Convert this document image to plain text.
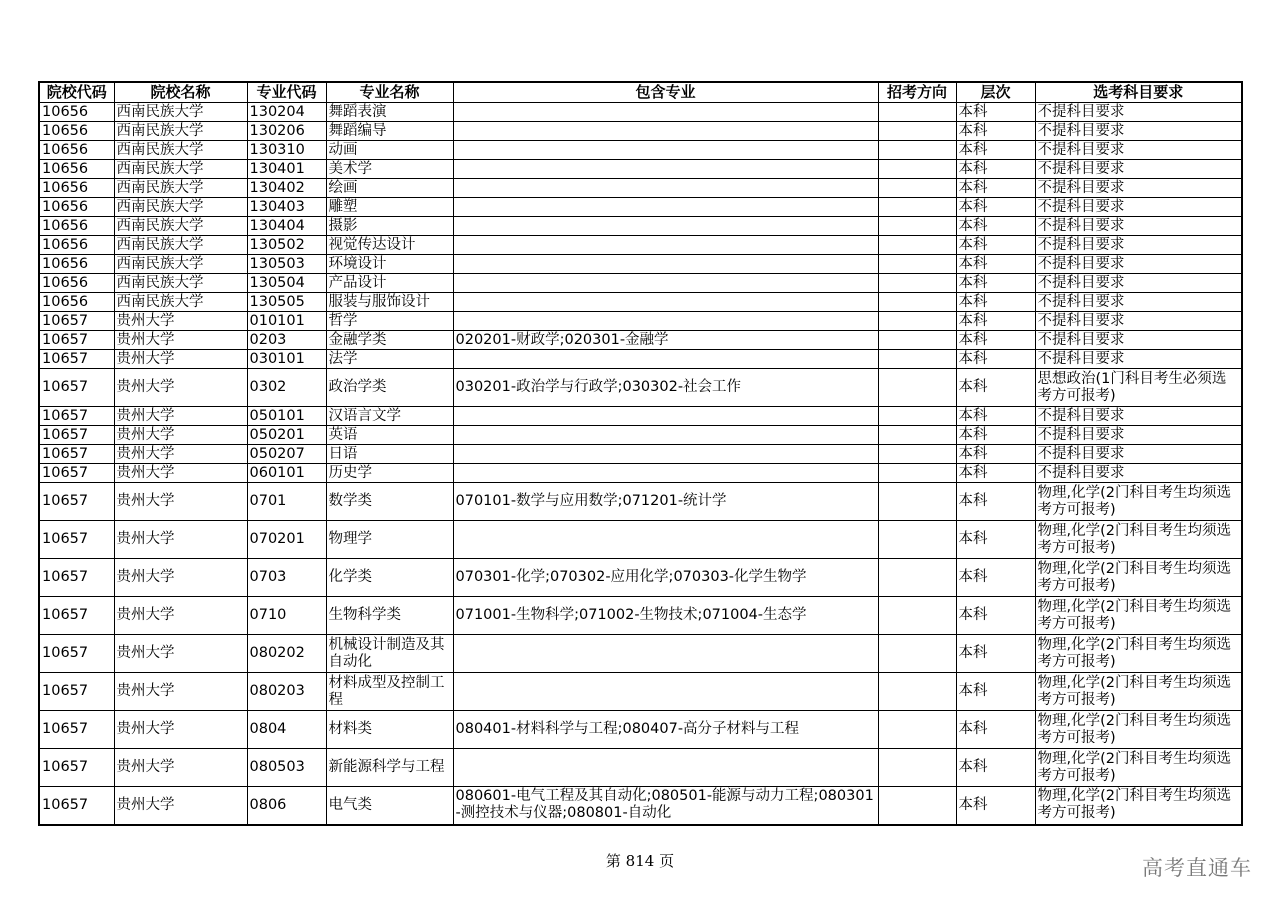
院校代码	院校名称	专业代码	专业名称	包含专业	招考方向	层次	选考科目要求
10656	西南民族大学	130204	舞蹈表演			本科	不提科目要求
10656	西南民族大学	130206	舞蹈编导			本科	不提科目要求
10656	西南民族大学	130310	动画			本科	不提科目要求
10656	西南民族大学	130401	美术学			本科	不提科目要求
10656	西南民族大学	130402	绘画			本科	不提科目要求
10656	西南民族大学	130403	雕塑			本科	不提科目要求
10656	西南民族大学	130404	摄影			本科	不提科目要求
10656	西南民族大学	130502	视觉传达设计			本科	不提科目要求
10656	西南民族大学	130503	环境设计			本科	不提科目要求
10656	西南民族大学	130504	产品设计			本科	不提科目要求
10656	西南民族大学	130505	服装与服饰设计			本科	不提科目要求
10657	贵州大学	010101	哲学			本科	不提科目要求
10657	贵州大学	0203	金融学类	020201-财政学;020301-金融学		本科	不提科目要求
10657	贵州大学	030101	法学			本科	不提科目要求
10657	贵州大学	0302	政治学类	030201-政治学与行政学;030302-社会工作		本科	思想政治(1门科目考生必须选考方可报考)
10657	贵州大学	050101	汉语言文学			本科	不提科目要求
10657	贵州大学	050201	英语			本科	不提科目要求
10657	贵州大学	050207	日语			本科	不提科目要求
10657	贵州大学	060101	历史学			本科	不提科目要求
10657	贵州大学	0701	数学类	070101-数学与应用数学;071201-统计学		本科	物理,化学(2门科目考生均须选考方可报考)
10657	贵州大学	070201	物理学			本科	物理,化学(2门科目考生均须选考方可报考)
10657	贵州大学	0703	化学类	070301-化学;070302-应用化学;070303-化学生物学		本科	物理,化学(2门科目考生均须选考方可报考)
10657	贵州大学	0710	生物科学类	071001-生物科学;071002-生物技术;071004-生态学		本科	物理,化学(2门科目考生均须选考方可报考)
10657	贵州大学	080202	机械设计制造及其自动化			本科	物理,化学(2门科目考生均须选考方可报考)
10657	贵州大学	080203	材料成型及控制工程			本科	物理,化学(2门科目考生均须选考方可报考)
10657	贵州大学	0804	材料类	080401-材料科学与工程;080407-高分子材料与工程		本科	物理,化学(2门科目考生均须选考方可报考)
10657	贵州大学	080503	新能源科学与工程			本科	物理,化学(2门科目考生均须选考方可报考)
10657	贵州大学	0806	电气类	080601-电气工程及其自动化;080501-能源与动力工程;080301-测控技术与仪器;080801-自动化		本科	物理,化学(2门科目考生均须选考方可报考)
第 814 页	高考直通车
